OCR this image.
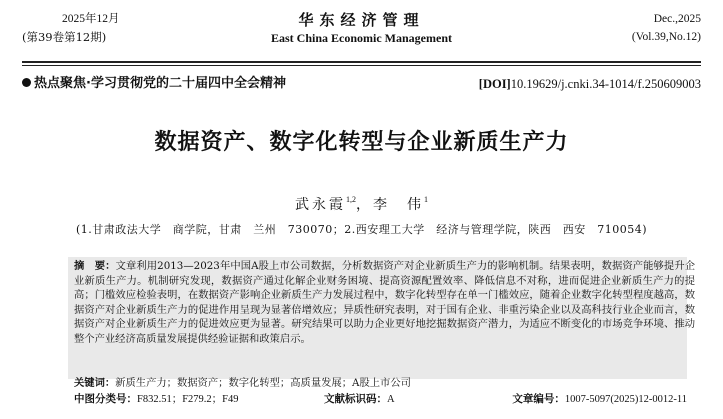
2025年12月
(第39卷第12期)
华东经济管理
East China Economic Management
Dec.,2025
(Vol.39,No.12)
热点聚焦·学习贯彻党的二十届四中全会精神	[DOI]10.19629/j.cnki.34-1014/f.250609003
数据资产、数字化转型与企业新质生产力
武永霞$^{1,2}$，李　伟$^1$
(1.甘肃政法大学　商学院，甘肃　兰州　730070；2.西安理工大学　经济与管理学院，陕西　西安　710054)
摘　要：文章利用2013—2023年中国A股上市公司数据，分析数据资产对企业新质生产力的影响机制。结果表明，数据资产能够提升企业新质生产力。机制研究发现，数据资产通过化解企业财务困境、提高资源配置效率、降低信息不对称，进而促进企业新质生产力的提高；门槛效应检验表明，在数据资产影响企业新质生产力发展过程中，数字化转型存在单一门槛效应，随着企业数字化转型程度越高，数据资产对企业新质生产力的促进作用呈现为显著倍增效应；异质性研究表明，对于国有企业、非重污染企业以及高科技行业企业而言，数据资产对企业新质生产力的促进效应更为显著。研究结果可以助力企业更好地挖掘数据资产潜力，为适应不断变化的市场竞争环境、推动整个产业经济高质量发展提供经验证据和政策启示。
关键词：新质生产力；数据资产；数字化转型；高质量发展；A股上市公司
中图分类号：F832.51；F279.2；F49	文献标识码：A	文章编号：1007-5097(2025)12-0012-11
